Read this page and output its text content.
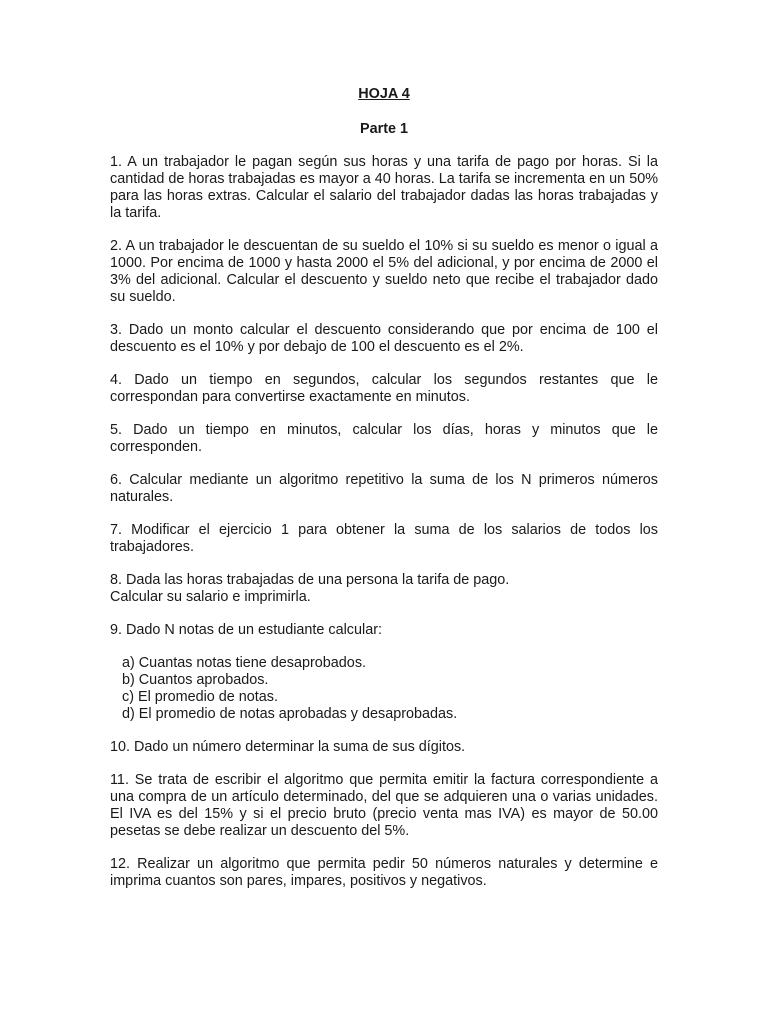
HOJA 4

Parte 1

1. A un trabajador le pagan según sus horas y una tarifa de pago por horas. Si la cantidad de horas trabajadas es mayor a 40 horas. La tarifa se incrementa en un 50% para las horas extras. Calcular el salario del trabajador dadas las horas trabajadas y la tarifa.

2. A un trabajador le descuentan de su sueldo el 10% si su sueldo es menor o igual a 1000. Por encima de 1000 y hasta 2000 el 5% del adicional, y por encima de 2000 el 3% del adicional. Calcular el descuento y sueldo neto que recibe el trabajador dado su sueldo.

3. Dado un monto calcular el descuento considerando que por encima de 100 el descuento es el 10% y por debajo de 100 el descuento es el 2%.

4. Dado un tiempo en segundos, calcular los segundos restantes que le correspondan para convertirse exactamente en minutos.

5. Dado un tiempo en minutos, calcular los días, horas y minutos que le corresponden.

6. Calcular mediante un algoritmo repetitivo la suma de los N primeros números naturales.

7. Modificar el ejercicio 1 para obtener la suma de los salarios de todos los trabajadores.

8. Dada las horas trabajadas de una persona la tarifa de pago.
Calcular su salario e imprimirla.

9. Dado N notas de un estudiante calcular:

a) Cuantas notas tiene desaprobados.
b) Cuantos aprobados.
c) El promedio de notas.
d) El promedio de notas aprobadas y desaprobadas.

10. Dado un número determinar la suma de sus dígitos.

11. Se trata de escribir el algoritmo que permita emitir la factura correspondiente a una compra de un artículo determinado, del que se adquieren una o varias unidades. El IVA es del 15% y si el precio bruto (precio venta mas IVA) es mayor de 50.00 pesetas se debe realizar un descuento del 5%.

12. Realizar un algoritmo que permita pedir 50 números naturales y determine e imprima cuantos son pares, impares, positivos y negativos.
